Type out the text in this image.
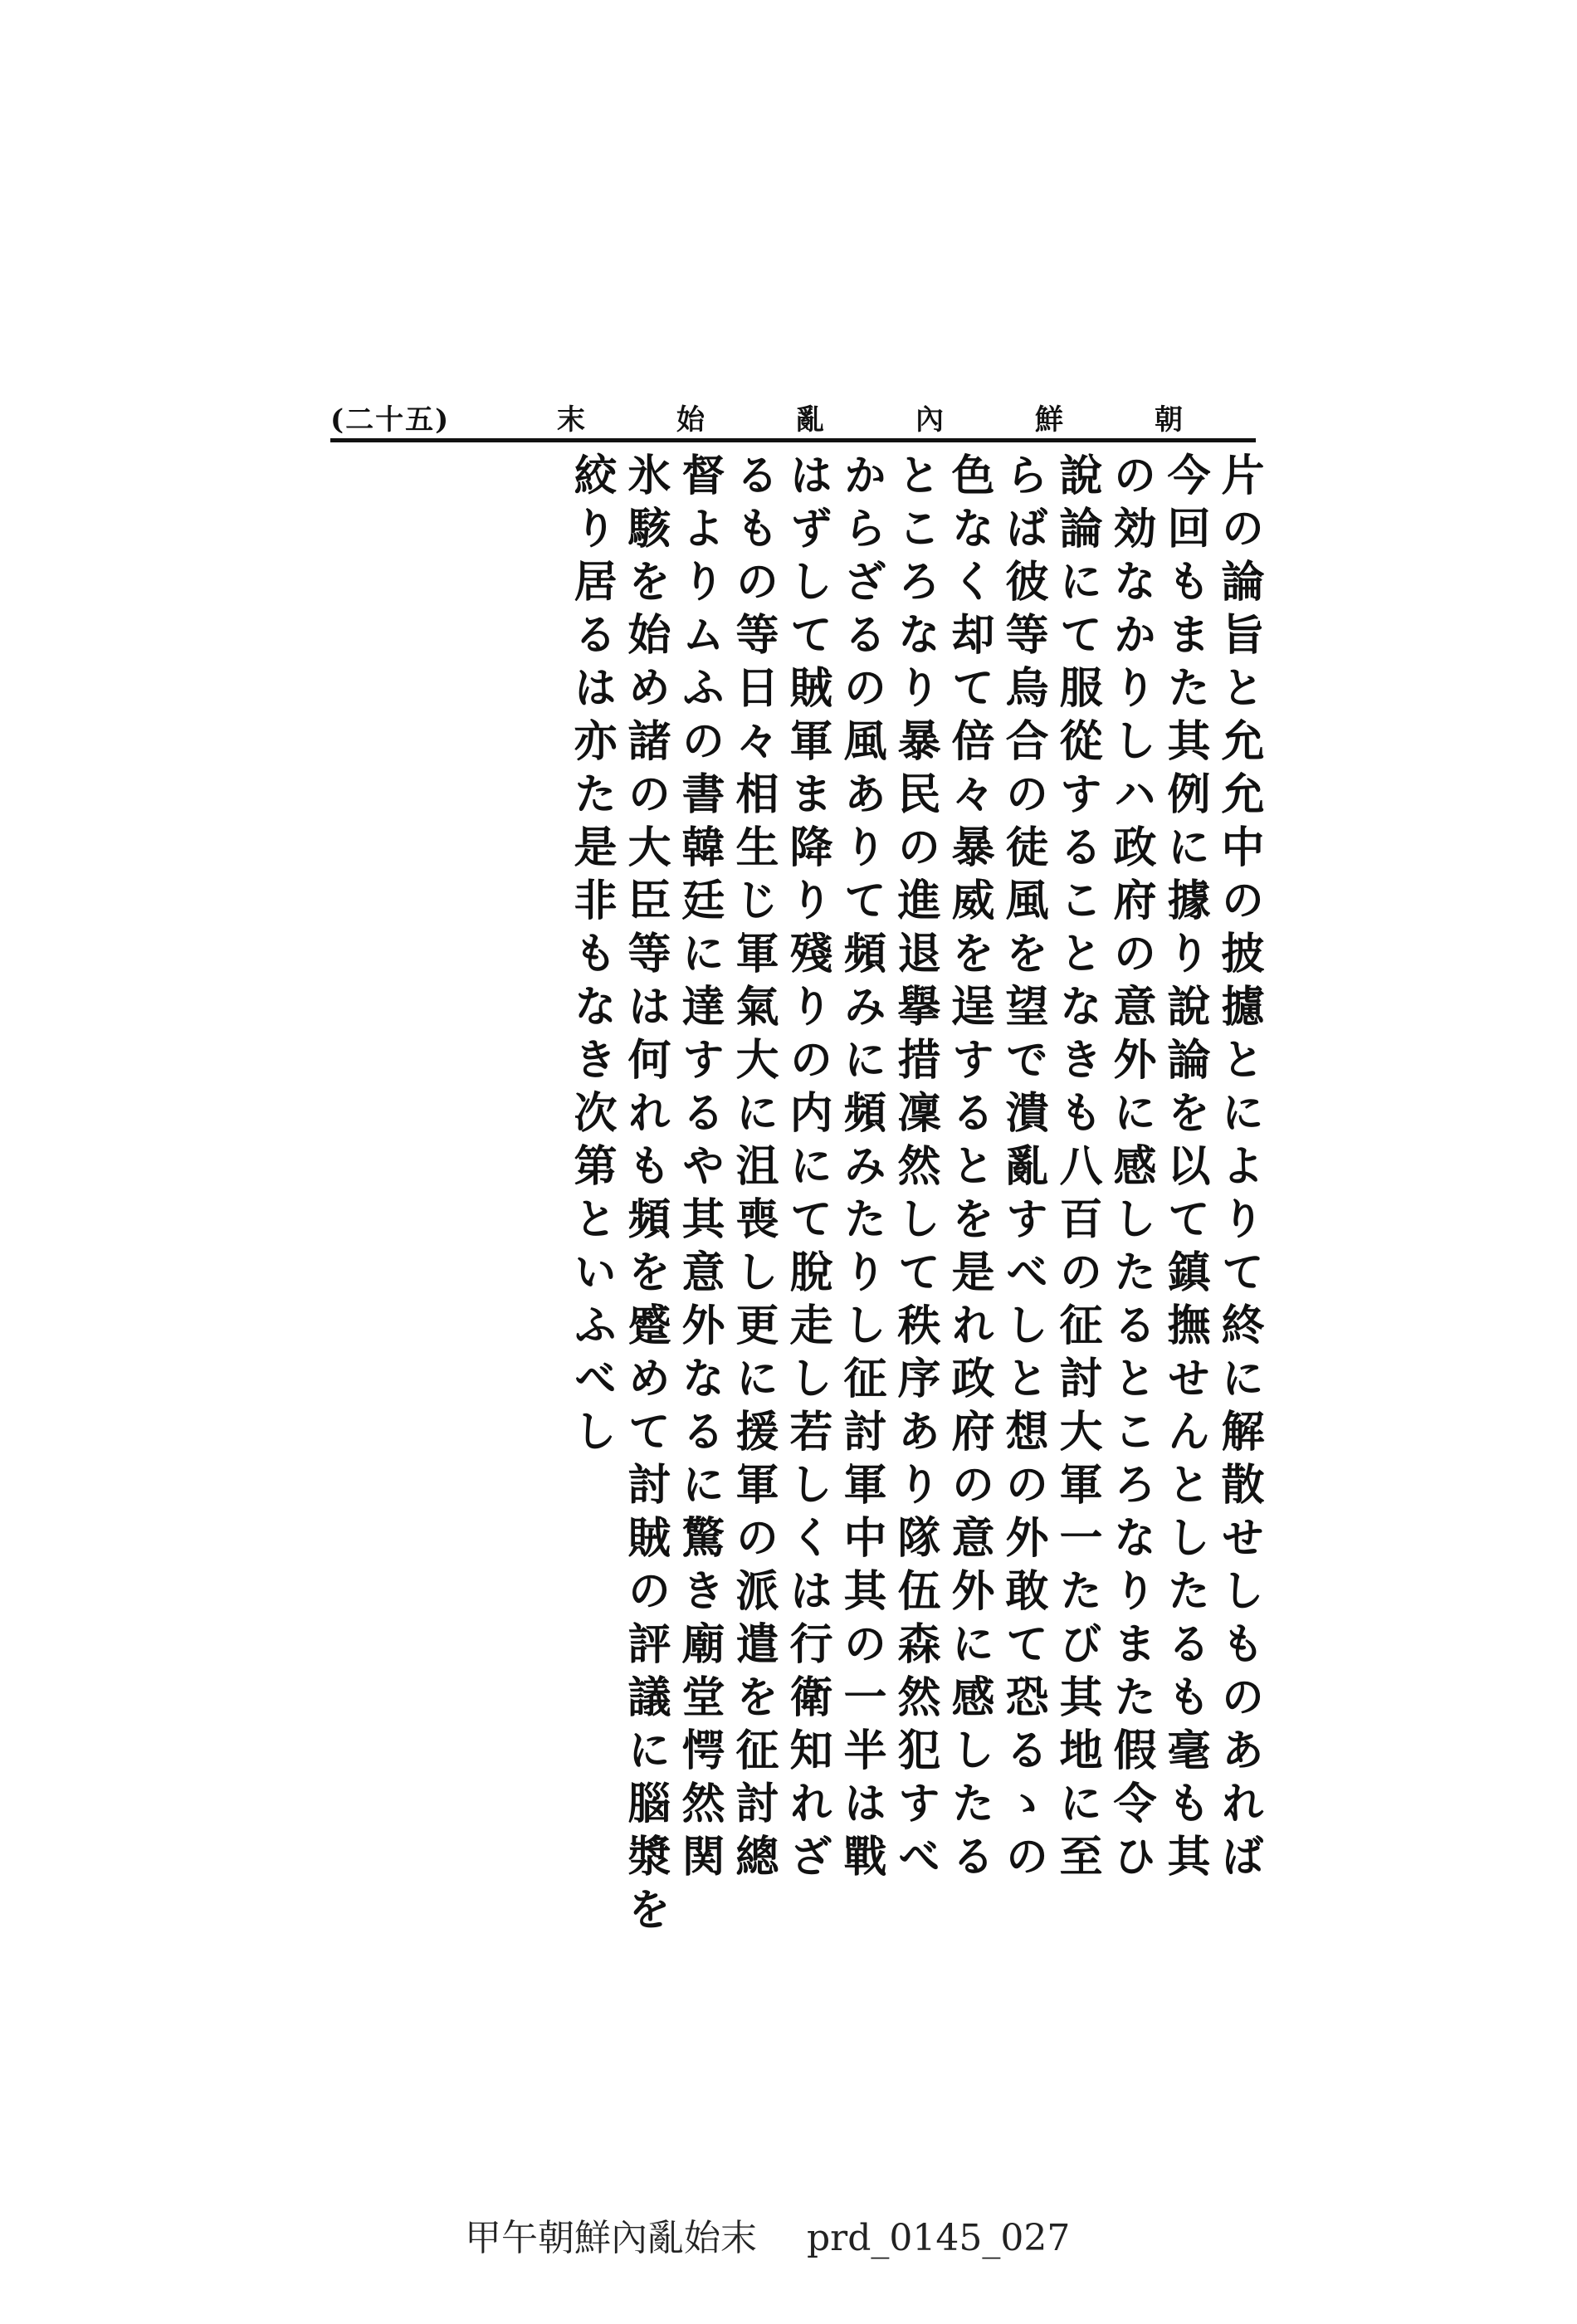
(二十五)	朝
鮮
內
亂
始
末
片の論旨と允允中の披攄とによりて終に解散せしものあれば
今回もまた其例に據り說論を以て鎮撫せんとしたるも毫も其
の効なかりしハ政府の意外に感したるところなりまた假令ひ
說論にて服從することなきも八百の征討大軍一たび其地に至
らば彼等烏合の徒風を望で潰亂すべしと想の外敢て恐るゝの
色なく却て倍々暴威を逞するとを是れ政府の意外に感したる
ところなり暴民の進退擧措凜然して秩序あり隊伍森然犯すべ
からざるの風ありて頻みに頻みたりし征討軍中其の一半は戰
はずして賊軍ま降り殘りの内にて脫走し若しくは行衛知れざ
るもの等日々相生じ軍氣大に沮喪し更に援軍の派遣を征討總
督よりムふの書韓廷に達するや其意外なるに驚き廟堂愕然関
氷駭を始め諸の大臣等は何れも頻を蹙めて討賊の評議に腦漿を
絞り居るは亦た是非もなき次第といふべし
甲午朝鮮內亂始末 prd_0145_027
